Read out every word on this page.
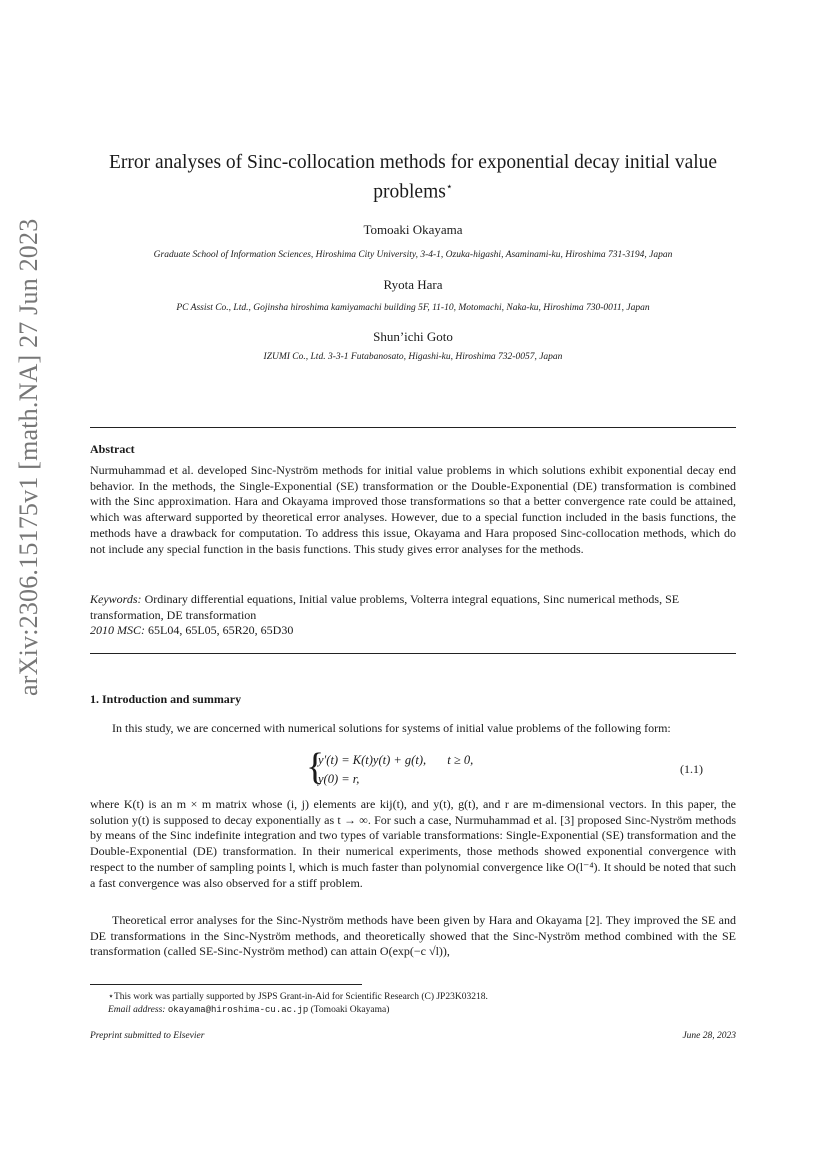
arXiv:2306.15175v1 [math.NA] 27 Jun 2023
Error analyses of Sinc-collocation methods for exponential decay initial value
problems⋆
Tomoaki Okayama
Graduate School of Information Sciences, Hiroshima City University, 3-4-1, Ozuka-higashi, Asaminami-ku, Hiroshima 731-3194, Japan
Ryota Hara
PC Assist Co., Ltd., Gojinsha hiroshima kamiyamachi building 5F, 11-10, Motomachi, Naka-ku, Hiroshima 730-0011, Japan
Shun’ichi Goto
IZUMI Co., Ltd. 3-3-1 Futabanosato, Higashi-ku, Hiroshima 732-0057, Japan
Abstract
Nurmuhammad et al. developed Sinc-Nyström methods for initial value problems in which solutions exhibit exponential decay end behavior. In the methods, the Single-Exponential (SE) transformation or the Double-Exponential (DE) transformation is combined with the Sinc approximation. Hara and Okayama improved those transformations so that a better convergence rate could be attained, which was afterward supported by theoretical error analyses. However, due to a special function included in the basis functions, the methods have a drawback for computation. To address this issue, Okayama and Hara proposed Sinc-collocation methods, which do not include any special function in the basis functions. This study gives error analyses for the methods.
Keywords: Ordinary differential equations, Initial value problems, Volterra integral equations, Sinc numerical methods, SE transformation, DE transformation
2010 MSC: 65L04, 65L05, 65R20, 65D30
1. Introduction and summary
In this study, we are concerned with numerical solutions for systems of initial value problems of the following form:
{
y′(t) = K(t)y(t) + g(t), t ≥ 0,
y(0) = r,
(1.1)
where K(t) is an m × m matrix whose (i, j) elements are kij(t), and y(t), g(t), and r are m-dimensional vectors. In this paper, the solution y(t) is supposed to decay exponentially as t → ∞. For such a case, Nurmuhammad et al. [3] proposed Sinc-Nyström methods by means of the Sinc indefinite integration and two types of variable transformations: Single-Exponential (SE) transformation and the Double-Exponential (DE) transformation. In their numerical experiments, those methods showed exponential convergence with respect to the number of sampling points l, which is much faster than polynomial convergence like O(l⁻⁴). It should be noted that such a fast convergence was also observed for a stiff problem.
Theoretical error analyses for the Sinc-Nyström methods have been given by Hara and Okayama [2]. They improved the SE and DE transformations in the Sinc-Nyström methods, and theoretically showed that the Sinc-Nyström method combined with the SE transformation (called SE-Sinc-Nyström method) can attain O(exp(−c √l)),
⋆This work was partially supported by JSPS Grant-in-Aid for Scientific Research (C) JP23K03218.
Email address: okayama@hiroshima-cu.ac.jp (Tomoaki Okayama)
Preprint submitted to Elsevier	June 28, 2023
